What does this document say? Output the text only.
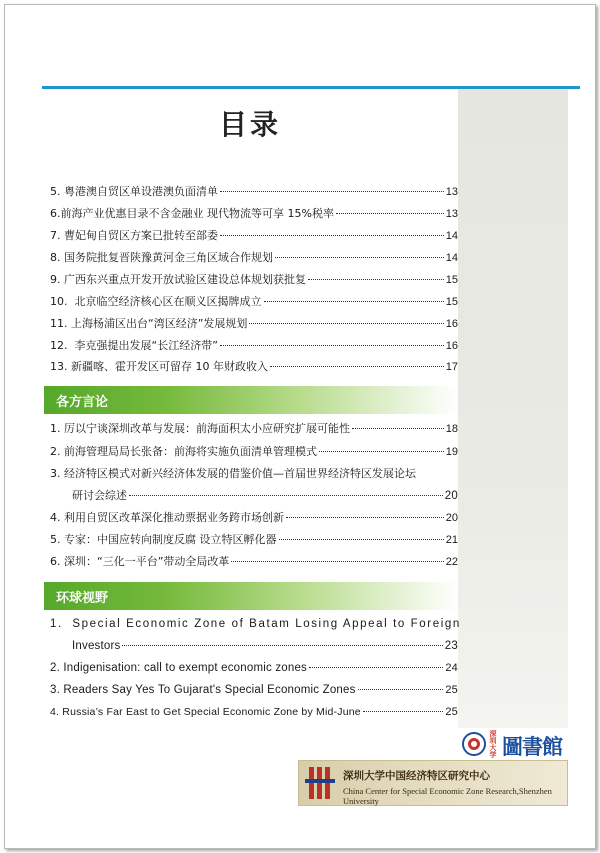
目录
5. 粤港澳自贸区单设港澳负面清单	13
6.前海产业优惠目录不含金融业 现代物流等可享 15%税率	13
7. 曹妃甸自贸区方案已批转至部委	14
8. 国务院批复晋陕豫黄河金三角区域合作规划	14
9. 广西东兴重点开发开放试验区建设总体规划获批复	15
10. 北京临空经济核心区在顺义区揭牌成立	15
11. 上海杨浦区出台“湾区经济”发展规划	16
12. 李克强提出发展“长江经济带”	16
13. 新疆喀、霍开发区可留存 10 年财政收入	17
各方言论
1. 厉以宁谈深圳改革与发展：前海面积太小应研究扩展可能性	18
2. 前海管理局局长张备：前海将实施负面清单管理模式	19
3. 经济特区模式对新兴经济体发展的借鉴价值—首届世界经济特区发展论坛
研讨会综述	20
4. 利用自贸区改革深化推动票据业务跨市场创新	20
5. 专家：中国应转向制度反腐 设立特区孵化器	21
6. 深圳：“三化一平台”带动全局改革	22
环球视野
1. Special Economic Zone of Batam Losing Appeal to Foreign
Investors	23
2. Indigenisation: call to exempt economic zones	24
3. Readers Say Yes To Gujarat's Special Economic Zones	25
4. Russia’s Far East to Get Special Economic Zone by Mid-June	25
深圳大学 圖書館
深圳大学中国经济特区研究中心
China Center for Special Economic Zone Research,Shenzhen University
